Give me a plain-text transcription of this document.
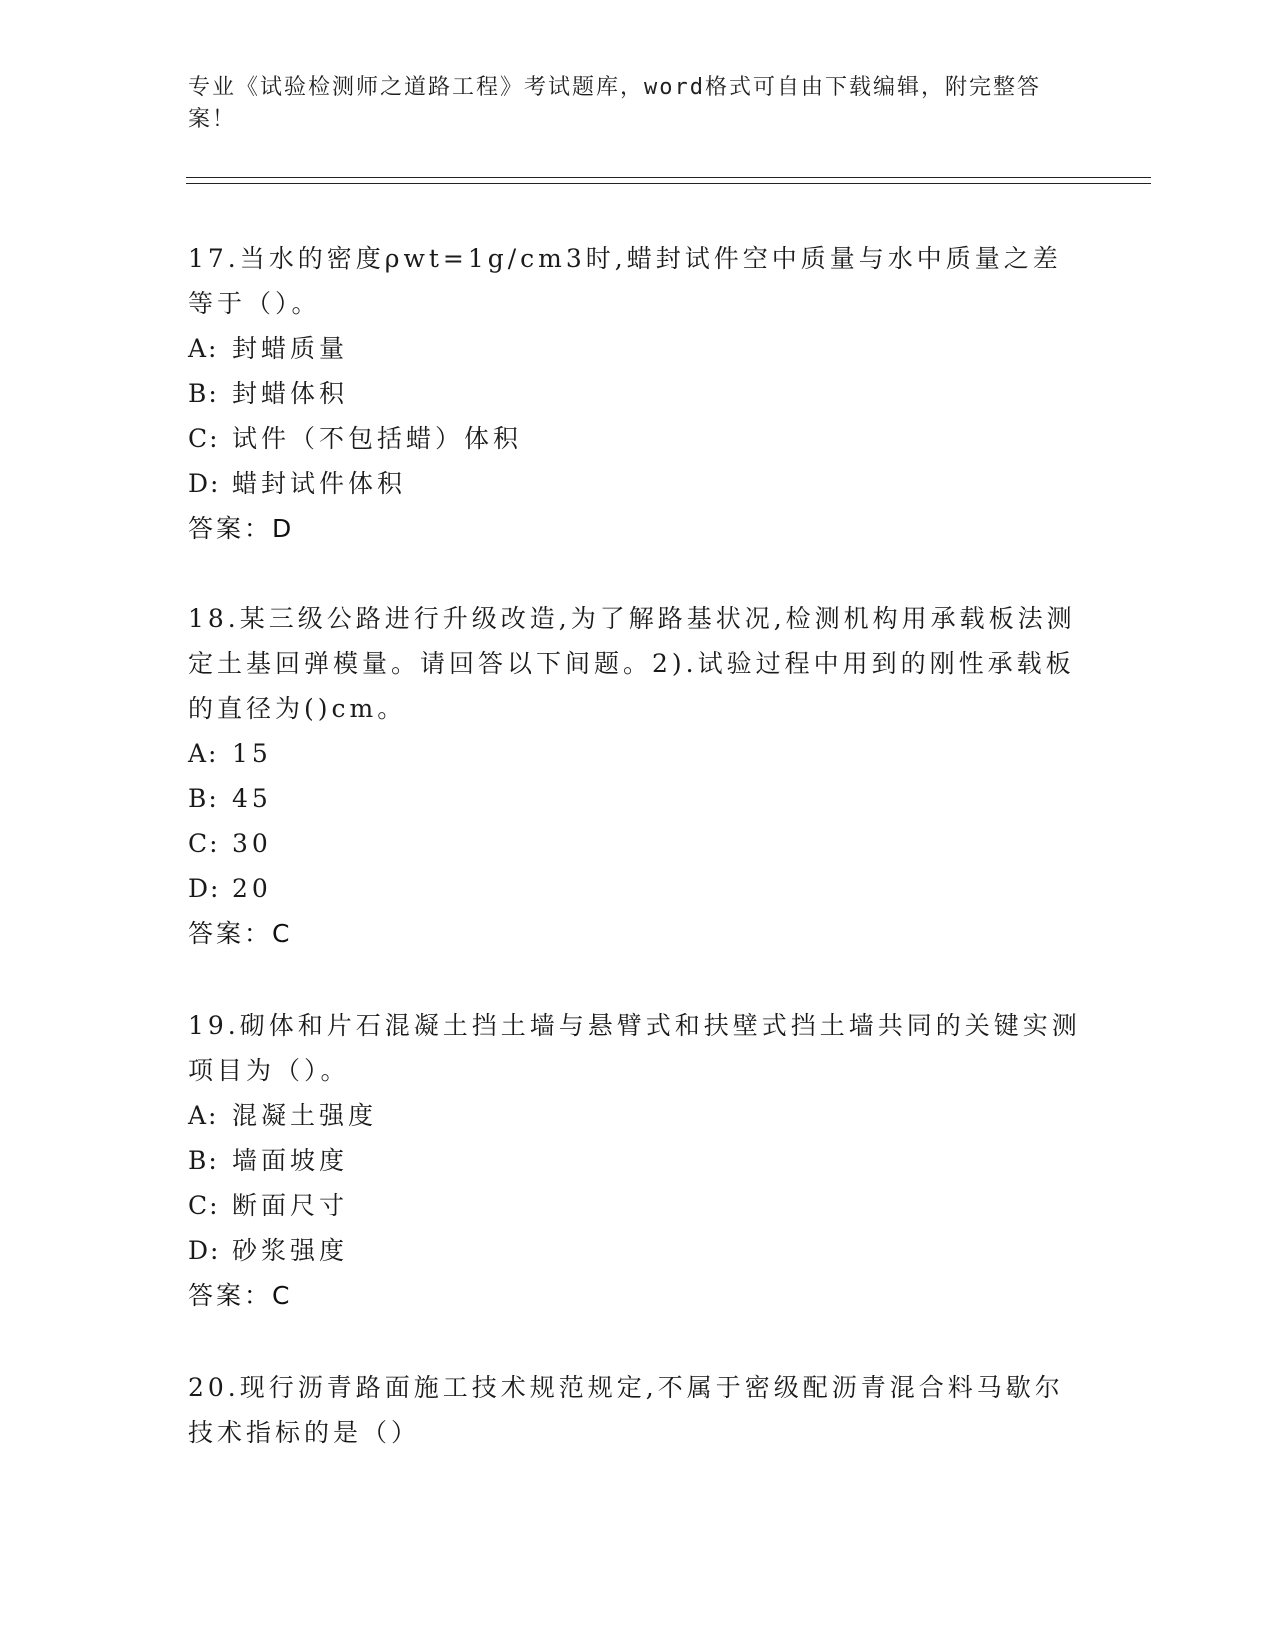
专业《试验检测师之道路工程》考试题库，word格式可自由下载编辑，附完整答案！

17.当水的密度ρwt=1g/cm3时,蜡封试件空中质量与水中质量之差等于（）。

A: 封蜡质量

B: 封蜡体积

C: 试件（不包括蜡）体积

D: 蜡封试件体积

答案：D

18.某三级公路进行升级改造,为了解路基状况,检测机构用承载板法测定土基回弹模量。请回答以下间题。2).试验过程中用到的刚性承载板的直径为()cm。

A: 15

B: 45

C: 30

D: 20

答案：C

19.砌体和片石混凝土挡土墙与悬臂式和扶壁式挡土墙共同的关键实测项目为（）。

A: 混凝土强度

B: 墙面坡度

C: 断面尺寸

D: 砂浆强度

答案：C

20.现行沥青路面施工技术规范规定,不属于密级配沥青混合料马歇尔技术指标的是（）
